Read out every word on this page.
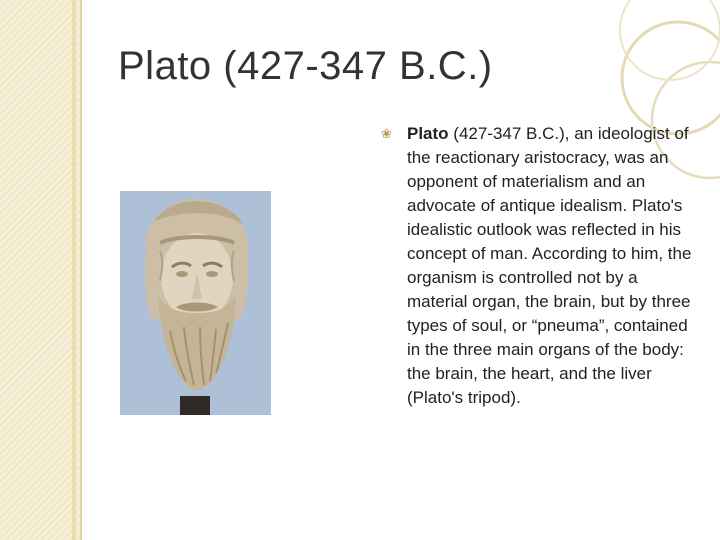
Plato (427-347 B.C.)
❀ Plato (427-347 B.C.), an ideologist of the reactionary aristocracy, was an opponent of materialism and an advocate of antique idealism. Plato's idealistic outlook was reflected in his concept of man. According to him, the organism is controlled not by a material organ, the brain, but by three types of soul, or “pneuma”, contained in the three main organs of the body: the brain, the heart, and the liver (Plato's tripod).
